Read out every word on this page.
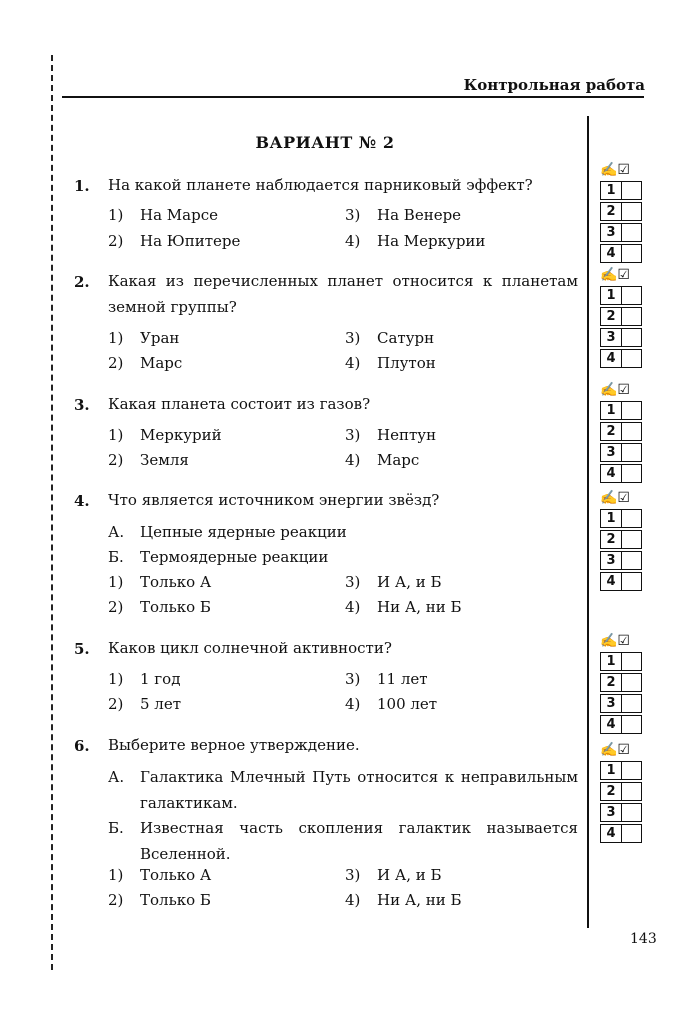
Контрольная работа
ВАРИАНТ № 2
1. На какой планете наблюдается парниковый эффект?
1) На Марсе	3) На Венере
2) На Юпитере	4) На Меркурии
2. Какая из перечисленных планет относится к планетам земной группы?
1) Уран	3) Сатурн
2) Марс	4) Плутон
3. Какая планета состоит из газов?
1) Меркурий	3) Нептун
2) Земля	4) Марс
4. Что является источником энергии звёзд?
А. Цепные ядерные реакции
Б. Термоядерные реакции
1) Только А	3) И А, и Б
2) Только Б	4) Ни А, ни Б
5. Каков цикл солнечной активности?
1) 1 год	3) 11 лет
2) 5 лет	4) 100 лет
6. Выберите верное утверждение.
А.	Галактика Млечный Путь относится к неправильным галактикам.
Б.	Известная часть скопления галактик называется Вселенной.
1) Только А	3) И А, и Б
2) Только Б	4) Ни А, ни Б
✍☑
1
2
3
4
✍☑
1
2
3
4
✍☑
1
2
3
4
✍☑
1
2
3
4
✍☑
1
2
3
4
✍☑
1
2
3
4
143
